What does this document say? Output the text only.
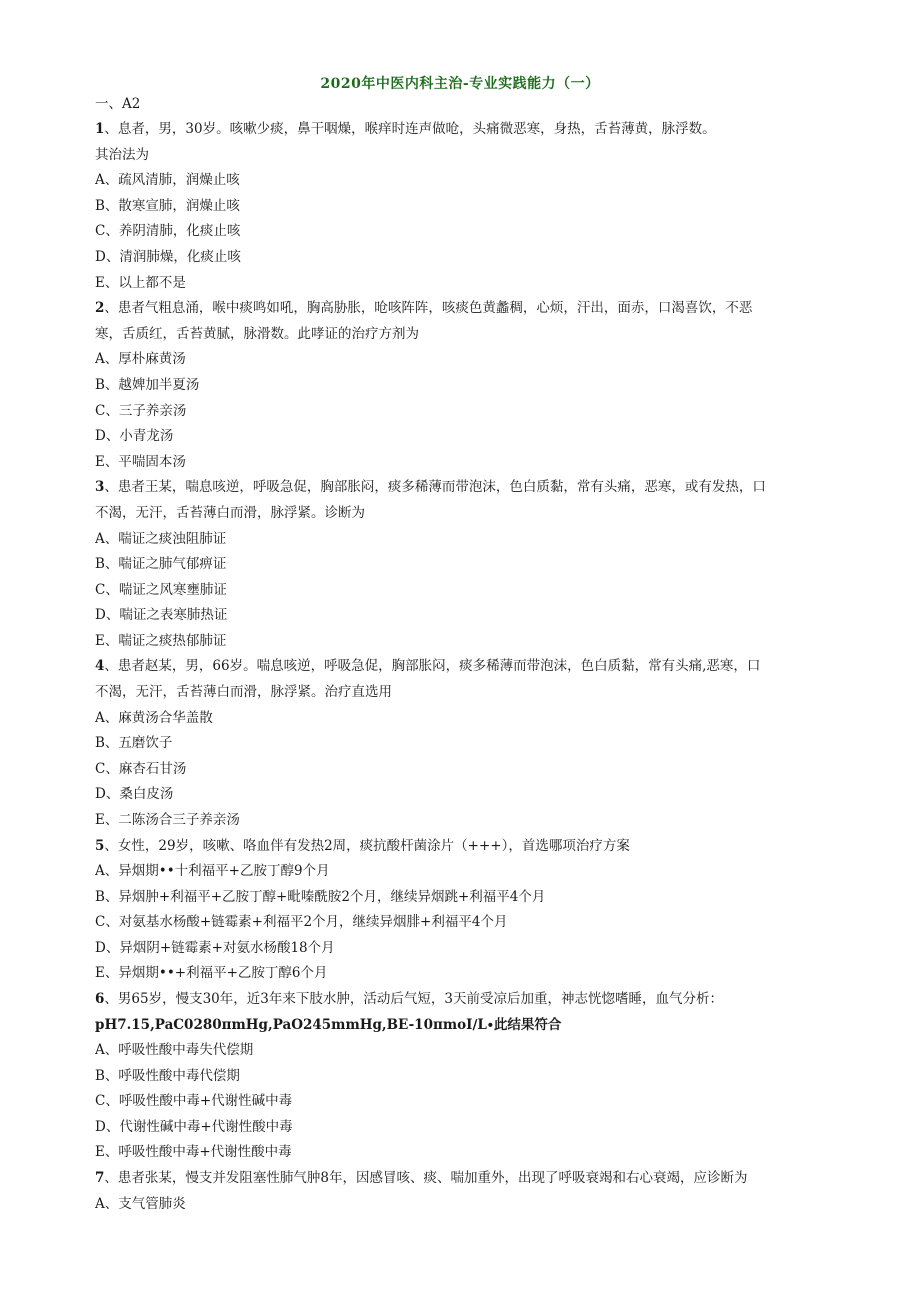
2020年中医内科主治-专业实践能力（一）
一、A2
1、息者，男，30岁。咳嗽少痰，鼻干咽燥，喉痒时连声做呛，头痛微恶寒，身热，舌苔薄黄，脉浮数。
其治法为
A、疏风清肺，润燥止咳
B、散寒宣肺，润燥止咳
C、养阴清肺，化痰止咳
D、清润肺燥，化痰止咳
E、以上都不是
2、患者气粗息涌，喉中痰鸣如吼，胸高胁胀，呛咳阵阵，咳痰色黄蠡稠，心烦，汗出，面赤，口渴喜饮，不恶
寒，舌质红，舌苔黄腻，脉滑数。此哮证的治疗方剂为
A、厚朴麻黄汤
B、越婢加半夏汤
C、三子养亲汤
D、小青龙汤
E、平喘固本汤
3、患者王某，喘息咳逆，呼吸急促，胸部胀闷，痰多稀薄而带泡沫，色白质黏，常有头痛，恶寒，或有发热，口
不渴，无汗，舌苔薄白而滑，脉浮紧。诊断为
A、喘证之痰浊阻肺证
B、喘证之肺气郁痹证
C、喘证之风寒壅肺证
D、喘证之表寒肺热证
E、喘证之痰热郁肺证
4、患者赵某，男，66岁。喘息咳逆，呼吸急促，胸部胀闷，痰多稀薄而带泡沫，色白质黏，常有头痛,恶寒，口
不渴，无汗，舌苔薄白而滑，脉浮紧。治疗直选用
A、麻黄汤合华盖散
B、五磨饮子
C、麻杏石甘汤
D、桑白皮汤
E、二陈汤合三子养亲汤
5、女性，29岁，咳嗽、咯血伴有发热2周，痰抗酸杆菌涂片（+++），首选哪项治疗方案
A、异烟期••十利福平+乙胺丁醇9个月
B、异烟肿+利福平+乙胺丁醇+毗嗪酰胺2个月，继续异烟跳+利福平4个月
C、对氨基水杨酸+链霉素+利福平2个月，继续异烟腓+利福平4个月
D、异烟阴+链霉素+对氨水杨酸18个月
E、异烟期••+利福平+乙胺丁醇6个月
6、男65岁，慢支30年，近3年来下肢水肿，活动后气短，3天前受凉后加重，神志恍惚嗜睡，血气分析：
pH7.15,PaC0280πmHg,PaO245mmHg,BE-10πmoI∕L∙此结果符合
A、呼吸性酸中毒失代偿期
B、呼吸性酸中毒代偿期
C、呼吸性酸中毒+代谢性碱中毒
D、代谢性碱中毒+代谢性酸中毒
E、呼吸性酸中毒+代谢性酸中毒
7、患者张某，慢支并发阻塞性肺气肿8年，因感冒咳、痰、喘加重外，出现了呼吸衰竭和右心衰竭，应诊断为
A、支气管肺炎
